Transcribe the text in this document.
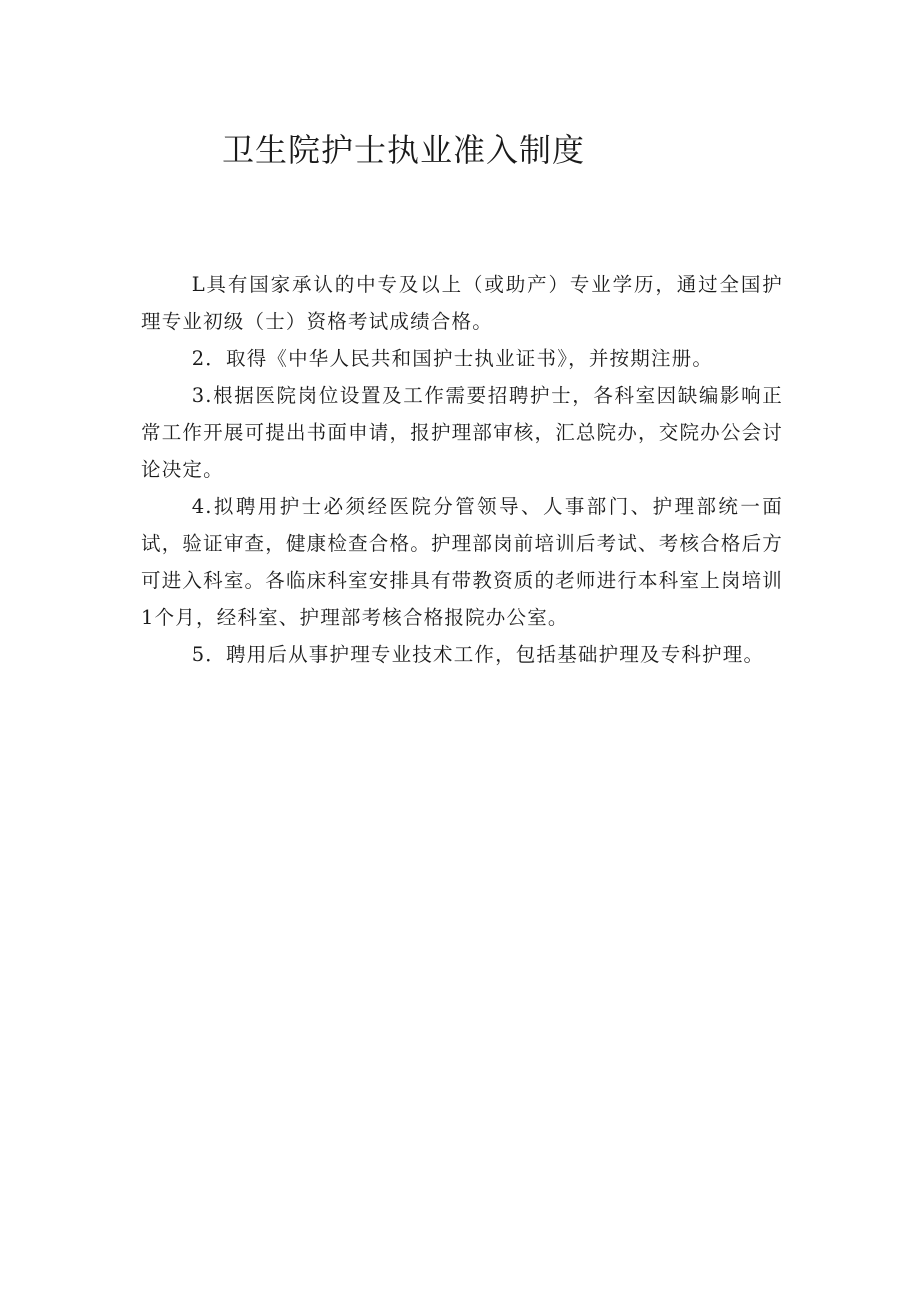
卫生院护士执业准入制度

L具有国家承认的中专及以上（或助产）专业学历，通过全国护理专业初级（士）资格考试成绩合格。

2．取得《中华人民共和国护士执业证书》，并按期注册。

3.根据医院岗位设置及工作需要招聘护士，各科室因缺编影响正常工作开展可提出书面申请，报护理部审核，汇总院办，交院办公会讨论决定。

4.拟聘用护士必须经医院分管领导、人事部门、护理部统一面试，验证审查，健康检查合格。护理部岗前培训后考试、考核合格后方可进入科室。各临床科室安排具有带教资质的老师进行本科室上岗培训1个月，经科室、护理部考核合格报院办公室。

5．聘用后从事护理专业技术工作，包括基础护理及专科护理。
